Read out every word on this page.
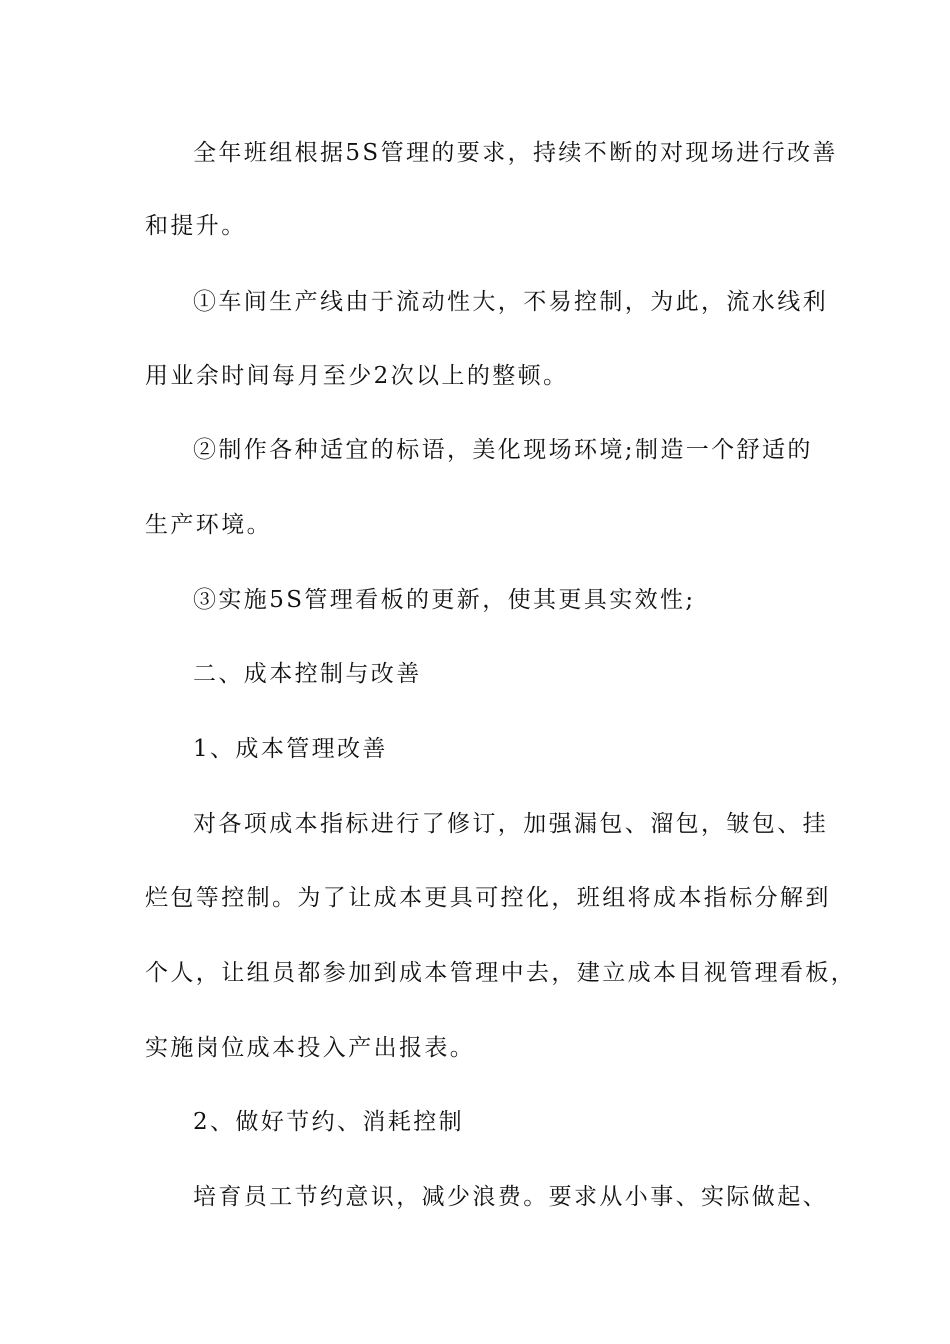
全年班组根据5S管理的要求，持续不断的对现场进行改善
和提升。
①车间生产线由于流动性大，不易控制，为此，流水线利
用业余时间每月至少2次以上的整顿。
②制作各种适宜的标语，美化现场环境;制造一个舒适的
生产环境。
③实施5S管理看板的更新，使其更具实效性;
二、成本控制与改善
1、成本管理改善
对各项成本指标进行了修订，加强漏包、溜包，皱包、挂
烂包等控制。为了让成本更具可控化，班组将成本指标分解到
个人，让组员都参加到成本管理中去，建立成本目视管理看板，
实施岗位成本投入产出报表。
2、做好节约、消耗控制
培育员工节约意识，减少浪费。要求从小事、实际做起、
